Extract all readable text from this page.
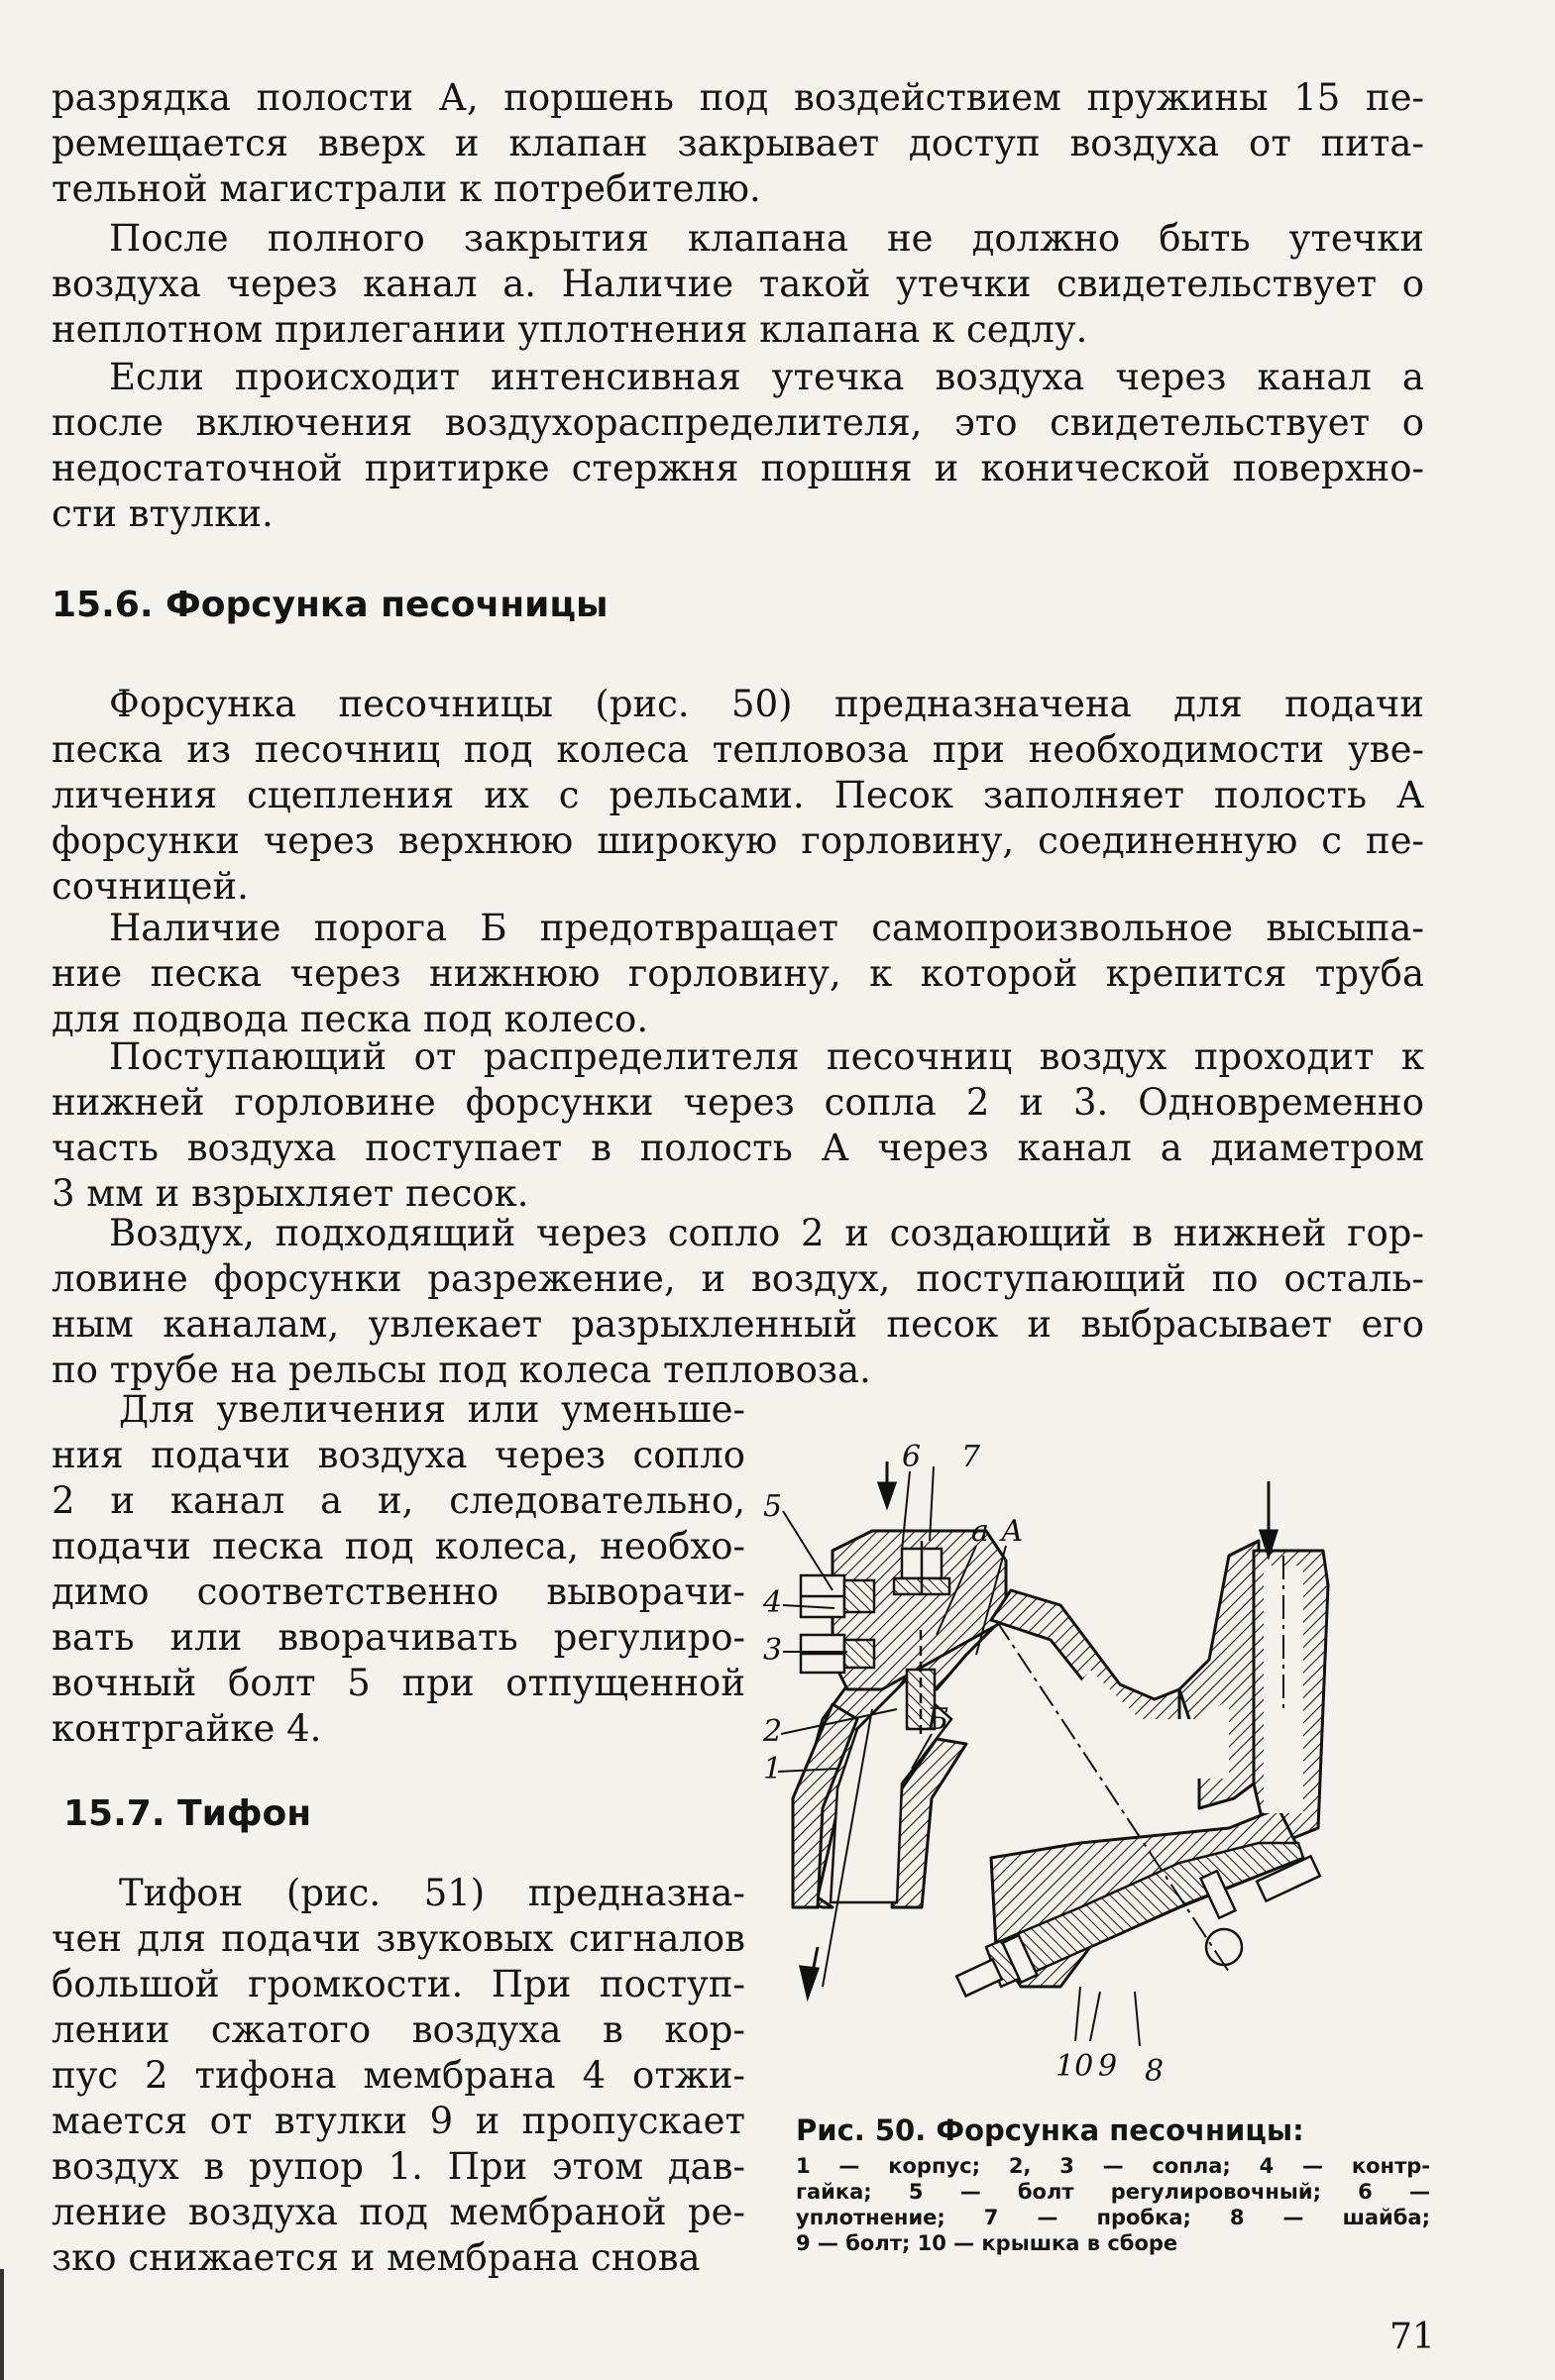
разрядка полости А, поршень под воздействием пружины 15 пе-
ремещается вверх и клапан закрывает доступ воздуха от пита-
тельной магистрали к потребителю.
После полного закрытия клапана не должно быть утечки
воздуха через канал а. Наличие такой утечки свидетельствует о
неплотном прилегании уплотнения клапана к седлу.
Если происходит интенсивная утечка воздуха через канал а
после включения воздухораспределителя, это свидетельствует о
недостаточной притирке стержня поршня и конической поверхно-
сти втулки.
15.6. Форсунка песочницы
Форсунка песочницы (рис. 50) предназначена для подачи
песка из песочниц под колеса тепловоза при необходимости уве-
личения сцепления их с рельсами. Песок заполняет полость А
форсунки через верхнюю широкую горловину, соединенную с пе-
сочницей.
Наличие порога Б предотвращает самопроизвольное высыпа-
ние песка через нижнюю горловину, к которой крепится труба
для подвода песка под колесо.
Поступающий от распределителя песочниц воздух проходит к
нижней горловине форсунки через сопла 2 и 3. Одновременно
часть воздуха поступает в полость А через канал а диаметром
3 мм и взрыхляет песок.
Воздух, подходящий через сопло 2 и создающий в нижней гор-
ловине форсунки разрежение, и воздух, поступающий по осталь-
ным каналам, увлекает разрыхленный песок и выбрасывает его
по трубе на рельсы под колеса тепловоза.
Для увеличения или уменьше-
ния подачи воздуха через сопло
2 и канал а и, следовательно,
подачи песка под колеса, необхо-
димо соответственно выворачи-
вать или вворачивать регулиро-
вочный болт 5 при отпущенной
контргайке 4.
15.7. Тифон
Тифон (рис. 51) предназна-
чен для подачи звуковых сигналов
большой громкости. При поступ-
лении сжатого воздуха в кор-
пус 2 тифона мембрана 4 отжи-
мается от втулки 9 и пропускает
воздух в рупор 1. При этом дав-
ление воздуха под мембраной ре-
зко снижается и мембрана снова
5
4
3
2
1
6 7
а А
Б
10 9 8
Рис. 50. Форсунка песочницы:
1 — корпус; 2, 3 — сопла; 4 — контр-
гайка; 5 — болт регулировочный; 6 —
уплотнение; 7 — пробка; 8 — шайба;
9 — болт; 10 — крышка в сборе
71
